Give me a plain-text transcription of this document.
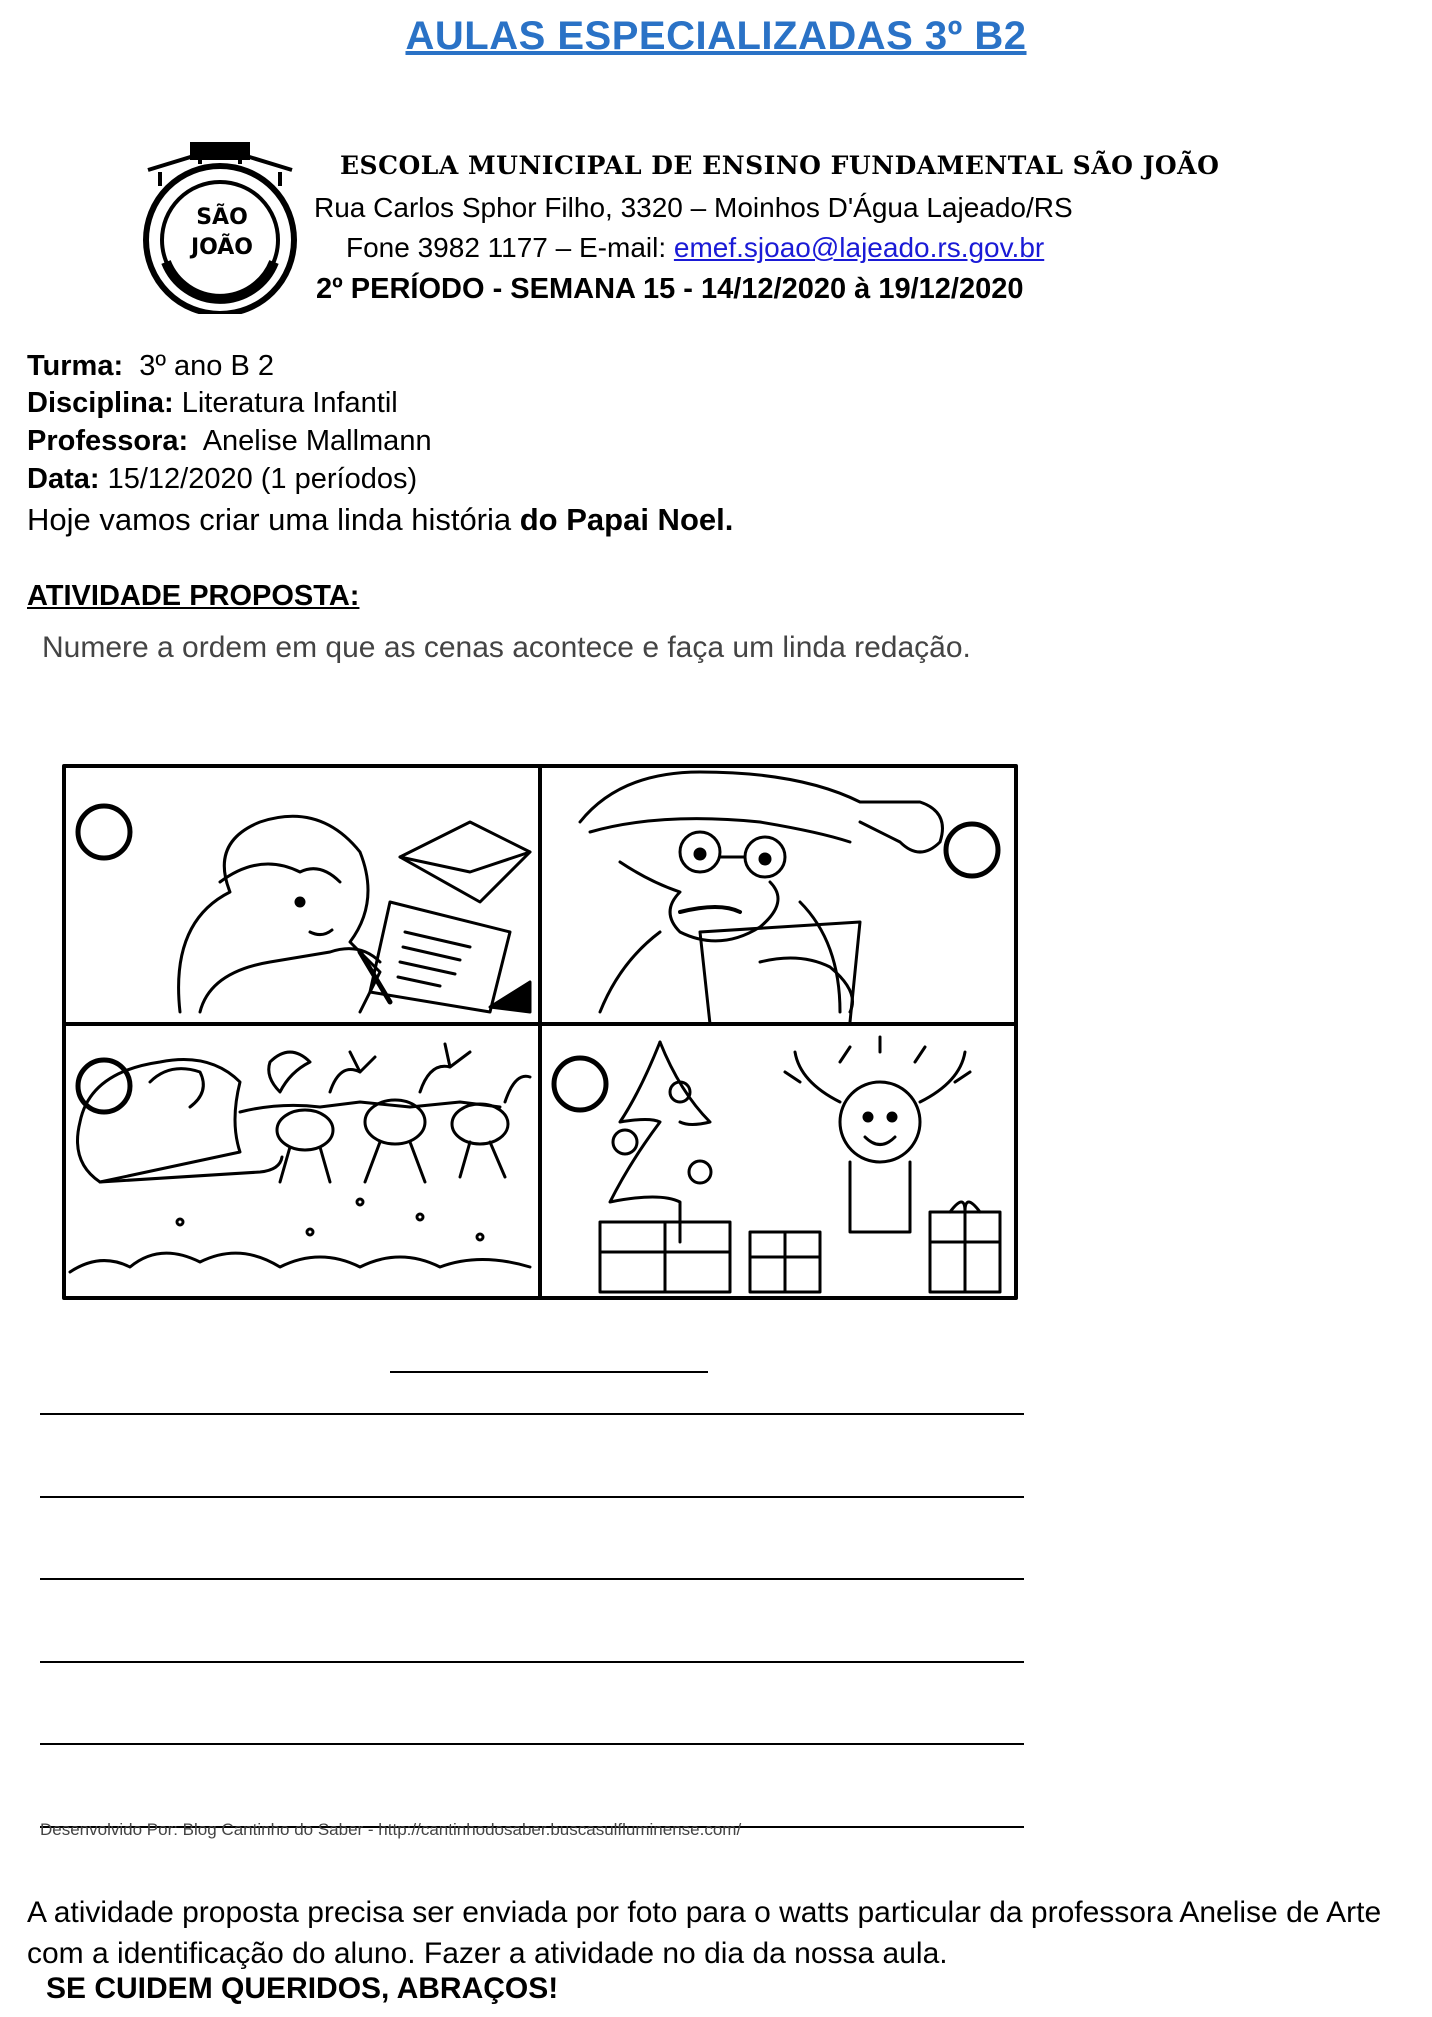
AULAS ESPECIALIZADAS 3º B2
SÃO
JOÃO
ESCOLA MUNICIPAL DE ENSINO FUNDAMENTAL SÃO JOÃO
Rua Carlos Sphor Filho, 3320 – Moinhos D'Água Lajeado/RS
Fone 3982 1177 – E-mail: emef.sjoao@lajeado.rs.gov.br
2º PERÍODO - SEMANA 15 - 14/12/2020 à 19/12/2020
Turma: 3º ano B 2
Disciplina: Literatura Infantil
Professora: Anelise Mallmann
Data: 15/12/2020 (1 períodos)
Hoje vamos criar uma linda história do Papai Noel.
ATIVIDADE PROPOSTA:
Numere a ordem em que as cenas acontece e faça um linda redação.
Desenvolvido Por: Blog Cantinho do Saber - http://cantinhodosaber.buscasulfluminense.com/
A atividade proposta precisa ser enviada por foto para o watts particular da professora Anelise de Arte com a identificação do aluno. Fazer a atividade no dia da nossa aula.
SE CUIDEM QUERIDOS, ABRAÇOS!
